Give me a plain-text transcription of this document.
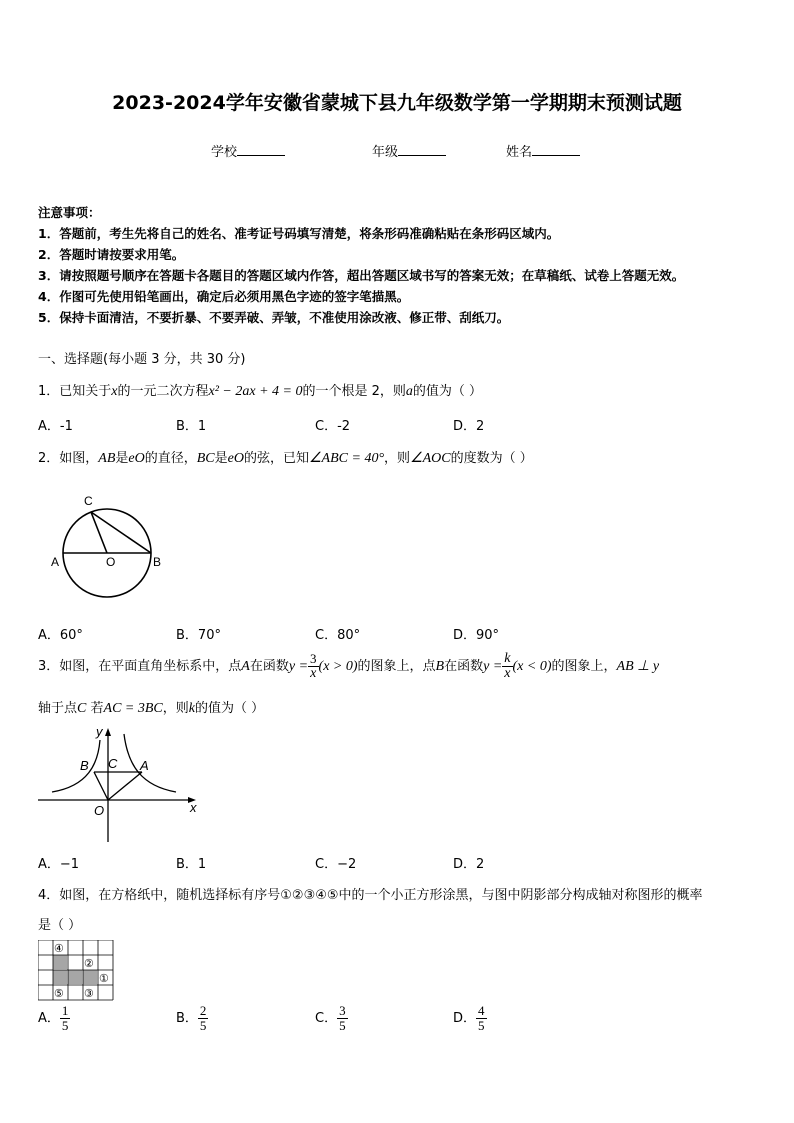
2023-2024学年安徽省蒙城下县九年级数学第一学期期末预测试题
学校	年级	姓名
注意事项：
1．答题前，考生先将自己的姓名、准考证号码填写清楚，将条形码准确粘贴在条形码区域内。
2．答题时请按要求用笔。
3．请按照题号顺序在答题卡各题目的答题区域内作答，超出答题区域书写的答案无效；在草稿纸、试卷上答题无效。
4．作图可先使用铅笔画出，确定后必须用黑色字迹的签字笔描黑。
5．保持卡面清洁，不要折暴、不要弄破、弄皱，不准使用涂改液、修正带、刮纸刀。
一、选择题(每小题 3 分，共 30 分)
1．已知关于x的一元二次方程x² − 2ax + 4 = 0的一个根是 2，则a的值为（ ）
A．-1	B．1	C．-2	D．2
2．如图，AB是eO的直径，BC是eO的弦，已知∠ABC = 40°，则∠AOC的度数为（ ）
C
A	O	B
A．60°	B．70°	C．80°	D．90°
3．如图，在平面直角坐标系中，点A在函数$y = \frac{3}{x} (x > 0)$的图象上，点B在函数$y = \frac{k}{x} (x < 0)$的图象上，AB ⊥ y
轴于点C 若AC = 3BC，则k的值为（ ）
y
x
B C A
O
A．−1	B．1	C．−2	D．2
4．如图，在方格纸中，随机选择标有序号①②③④⑤中的一个小正方形涂黑，与图中阴影部分构成轴对称图形的概率
是（ ）
④
②
①
⑤ ③
A． $\frac{1}{5}$	B． $\frac{2}{5}$	C． $\frac{3}{5}$	D． $\frac{4}{5}$
